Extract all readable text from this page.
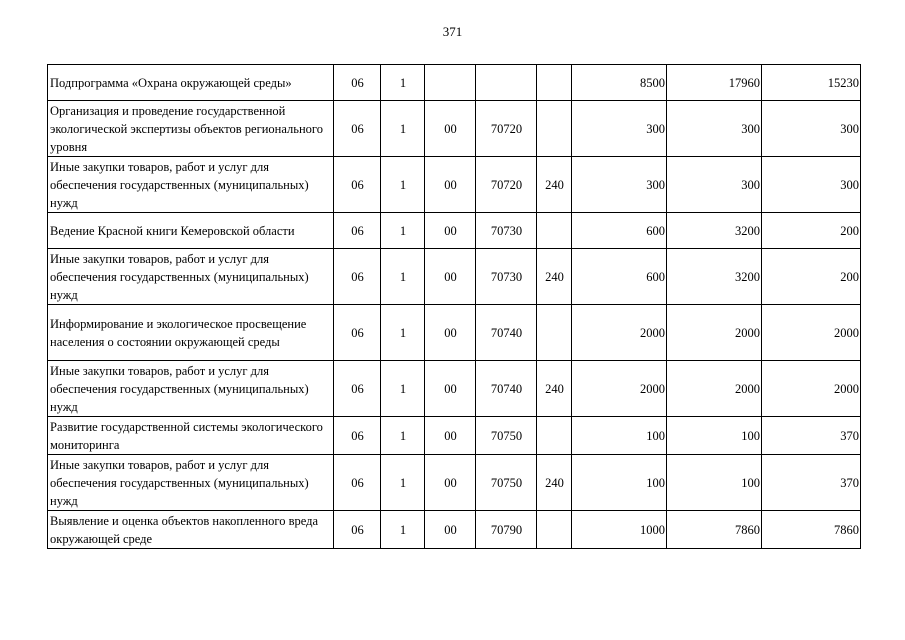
371
Подпрограмма «Охрана окружающей среды»	06	1				8500	17960	15230
Организация и проведение государственной экологической экспертизы объектов регионального уровня	06	1	00	70720		300	300	300
Иные закупки товаров, работ и услуг для обеспечения государственных (муниципальных) нужд	06	1	00	70720	240	300	300	300
Ведение Красной книги Кемеровской области	06	1	00	70730		600	3200	200
Иные закупки товаров, работ и услуг для обеспечения государственных (муниципальных) нужд	06	1	00	70730	240	600	3200	200
Информирование и экологическое просвещение населения о состоянии окружающей среды	06	1	00	70740		2000	2000	2000
Иные закупки товаров, работ и услуг для обеспечения государственных (муниципальных) нужд	06	1	00	70740	240	2000	2000	2000
Развитие государственной системы экологического мониторинга	06	1	00	70750		100	100	370
Иные закупки товаров, работ и услуг для обеспечения государственных (муниципальных) нужд	06	1	00	70750	240	100	100	370
Выявление и оценка объектов накопленного вреда окружающей среде	06	1	00	70790		1000	7860	7860
